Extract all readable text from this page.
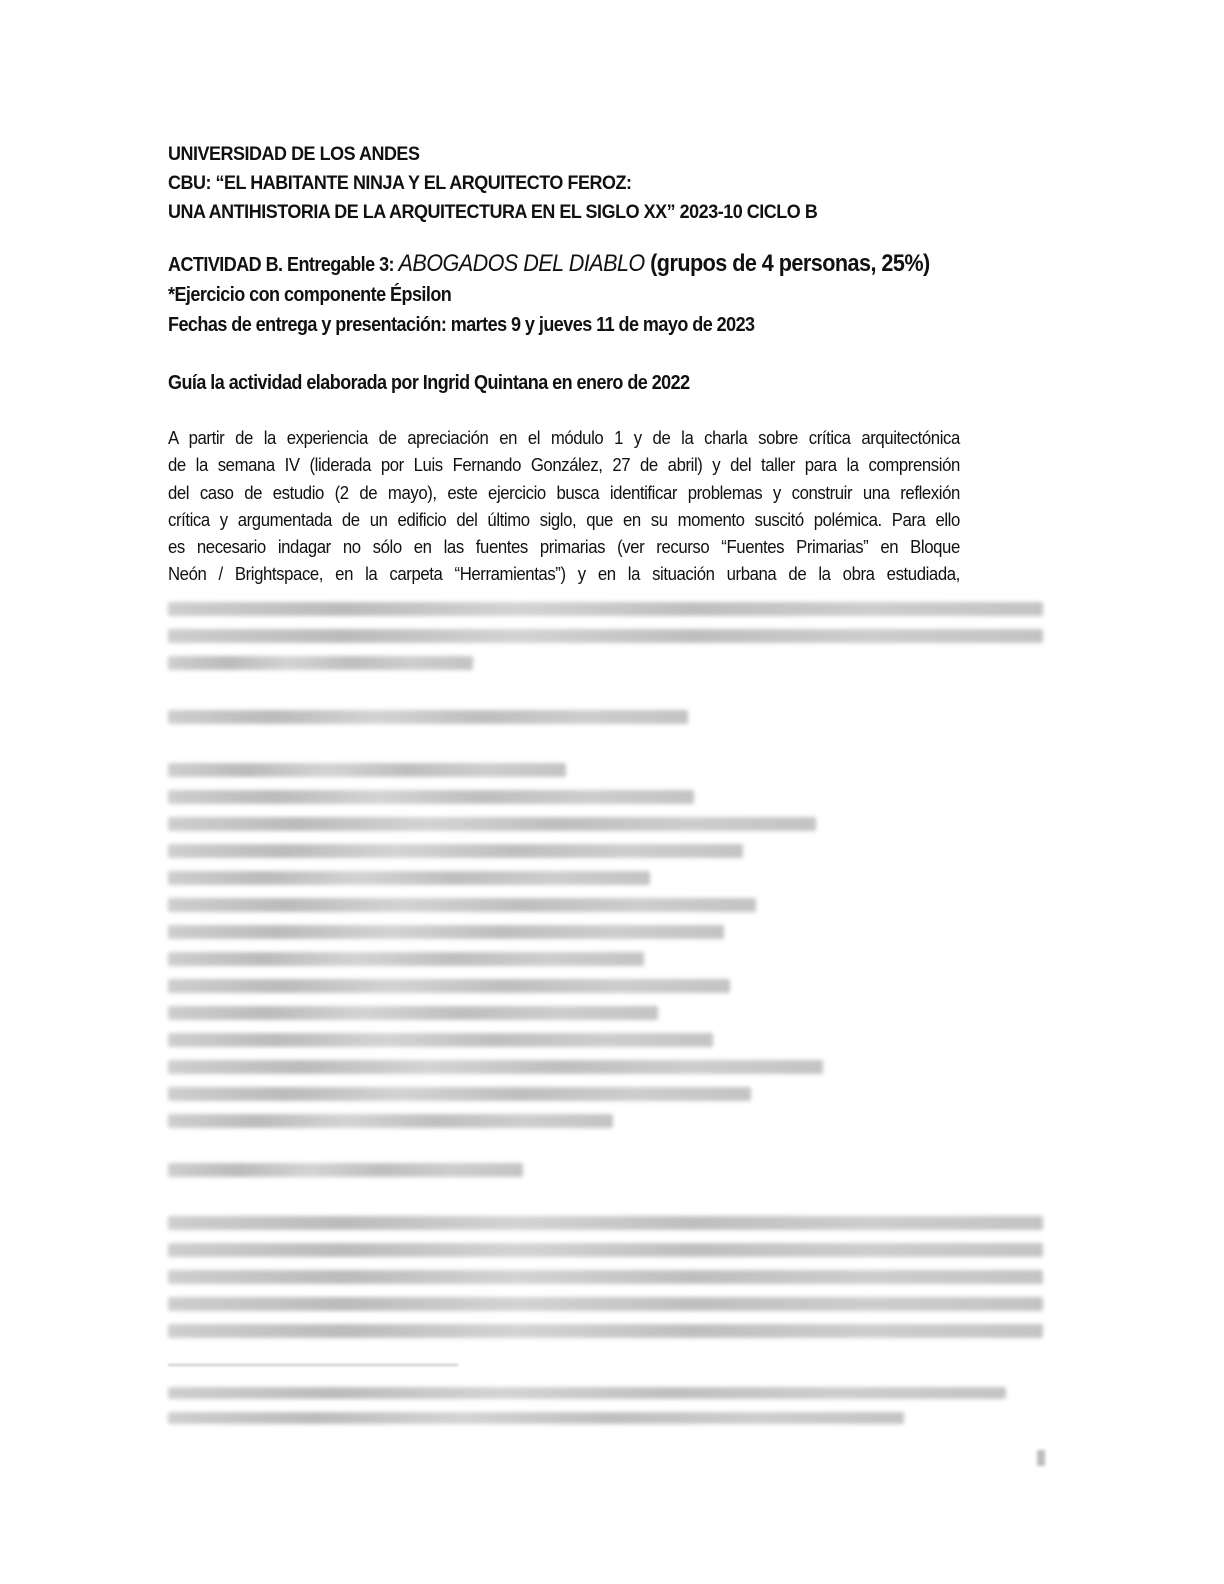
UNIVERSIDAD DE LOS ANDES
CBU: “EL HABITANTE NINJA Y EL ARQUITECTO FEROZ:
UNA ANTIHISTORIA DE LA ARQUITECTURA EN EL SIGLO XX” 2023-10 CICLO B
ACTIVIDAD B. Entregable 3: ABOGADOS DEL DIABLO (grupos de 4 personas, 25%)
*Ejercicio con componente Épsilon
Fechas de entrega y presentación: martes 9 y jueves 11 de mayo de 2023
Guía la actividad elaborada por Ingrid Quintana en enero de 2022
A partir de la experiencia de apreciación en el módulo 1 y de la charla sobre crítica arquitectónica
de la semana IV (liderada por Luis Fernando González, 27 de abril) y del taller para la comprensión
del caso de estudio (2 de mayo), este ejercicio busca identificar problemas y construir una reflexión
crítica y argumentada de un edificio del último siglo, que en su momento suscitó polémica. Para ello
es necesario indagar no sólo en las fuentes primarias (ver recurso “Fuentes Primarias” en Bloque
Neón / Brightspace, en la carpeta “Herramientas”) y en la situación urbana de la obra estudiada,
